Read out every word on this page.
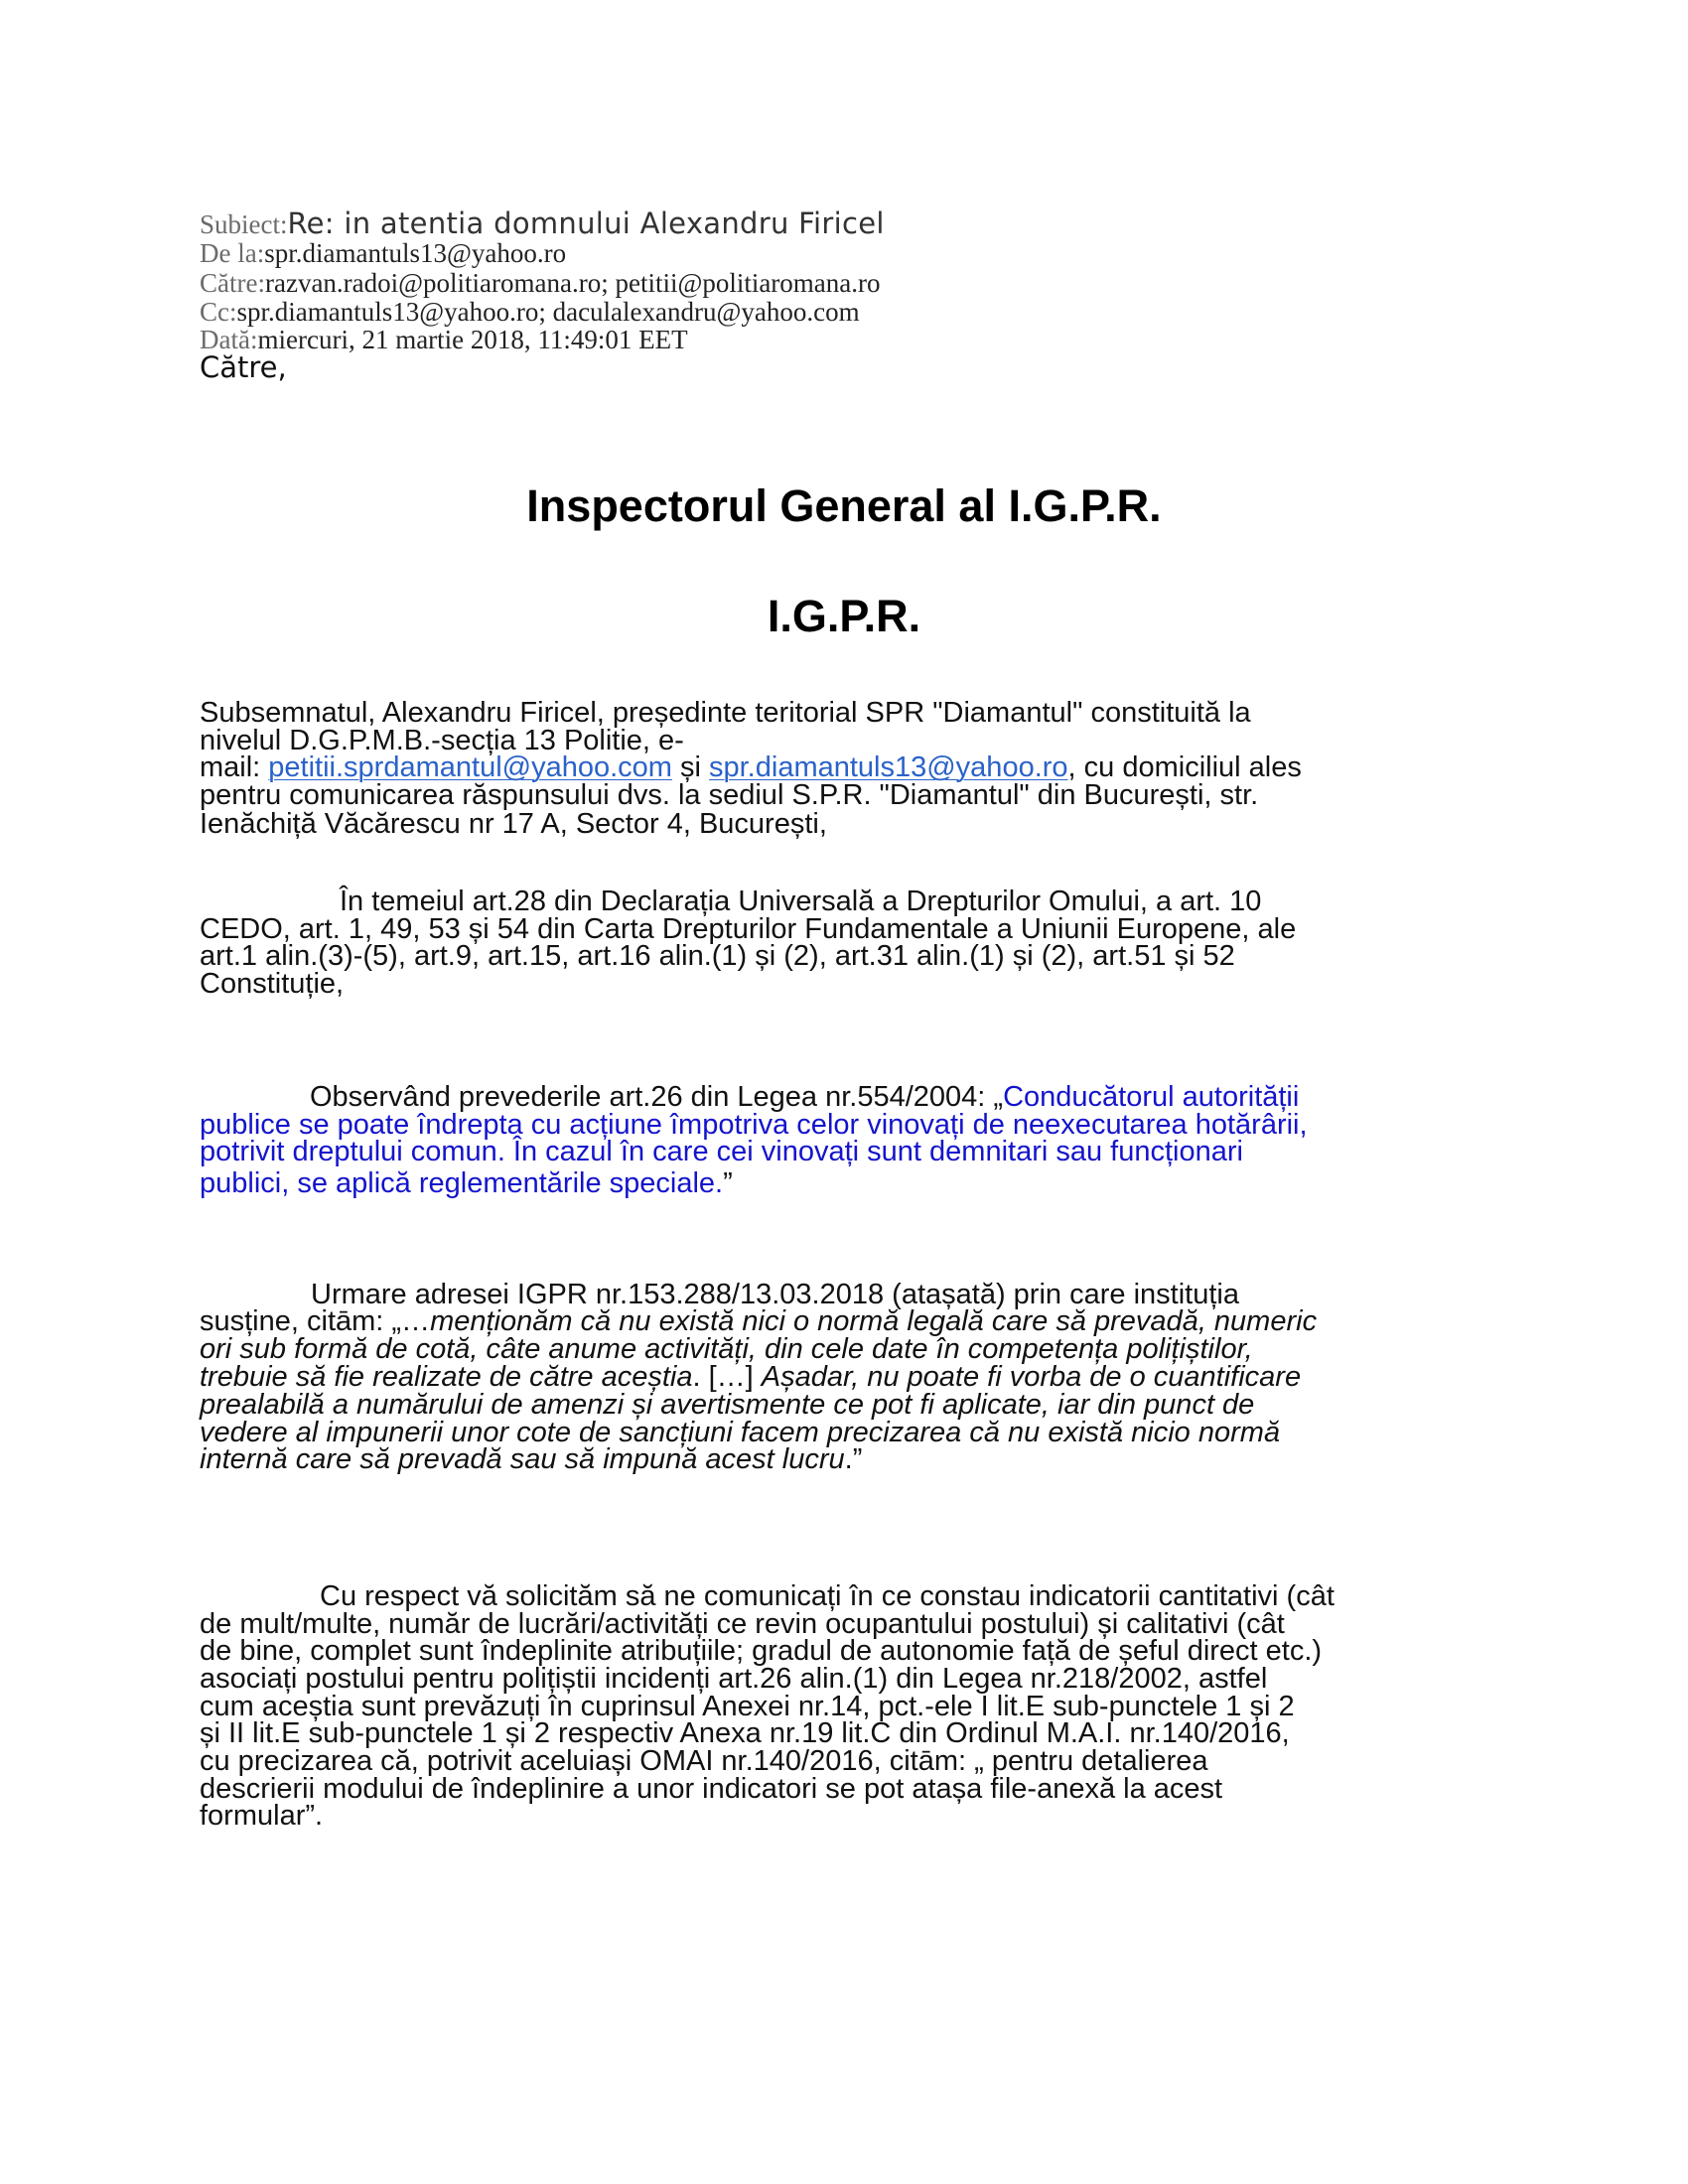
Subiect:Re: in atentia domnului Alexandru Firicel
De la:spr.diamantuls13@yahoo.ro
Către:razvan.radoi@politiaromana.ro; petitii@politiaromana.ro
Cc:spr.diamantuls13@yahoo.ro; daculalexandru@yahoo.com
Dată:miercuri, 21 martie 2018, 11:49:01 EET
Către,
Inspectorul General al I.G.P.R.
I.G.P.R.
Subsemnatul, Alexandru Firicel, președinte teritorial SPR "Diamantul" constituită la
nivelul D.G.P.M.B.-secția 13 Politie, e-
mail: petitii.sprdamantul@yahoo.com și spr.diamantuls13@yahoo.ro, cu domiciliul ales
pentru comunicarea răspunsului dvs. la sediul S.P.R. "Diamantul" din București, str.
Ienăchiță Văcărescu nr 17 A, Sector 4, București,
În temeiul art.28 din Declarația Universală a Drepturilor Omului, a art. 10
CEDO, art. 1, 49, 53 și 54 din Carta Drepturilor Fundamentale a Uniunii Europene, ale
art.1 alin.(3)-(5), art.9, art.15, art.16 alin.(1) și (2), art.31 alin.(1) și (2), art.51 și 52
Constituție,
Observând prevederile art.26 din Legea nr.554/2004: „Conducătorul autorității
publice se poate îndrepta cu acțiune împotriva celor vinovați de neexecutarea hotărârii,
potrivit dreptului comun. În cazul în care cei vinovați sunt demnitari sau funcționari
publici, se aplică reglementările speciale.”
Urmare adresei IGPR nr.153.288/13.03.2018 (atașată) prin care instituția
susține, citām: „…menționăm că nu există nici o normă legală care să prevadă, numeric
ori sub formă de cotă, câte anume activități, din cele date în competența polițiștilor,
trebuie să fie realizate de către aceștia. […] Așadar, nu poate fi vorba de o cuantificare
prealabilă a numărului de amenzi și avertismente ce pot fi aplicate, iar din punct de
vedere al impunerii unor cote de sancțiuni facem precizarea că nu există nicio normă
internă care să prevadă sau să impună acest lucru.”
Cu respect vă solicităm să ne comunicați în ce constau indicatorii cantitativi (cât
de mult/multe, număr de lucrări/activități ce revin ocupantului postului) și calitativi (cât
de bine, complet sunt îndeplinite atribuțiile; gradul de autonomie față de șeful direct etc.)
asociați postului pentru polițiștii incidenți art.26 alin.(1) din Legea nr.218/2002, astfel
cum aceștia sunt prevăzuți în cuprinsul Anexei nr.14, pct.-ele I lit.E sub-punctele 1 și 2
și II lit.E sub-punctele 1 și 2 respectiv Anexa nr.19 lit.C din Ordinul M.A.I. nr.140/2016,
cu precizarea că, potrivit aceluiași OMAI nr.140/2016, citām: „ pentru detalierea
descrierii modului de îndeplinire a unor indicatori se pot atașa file-anexă la acest
formular”.
